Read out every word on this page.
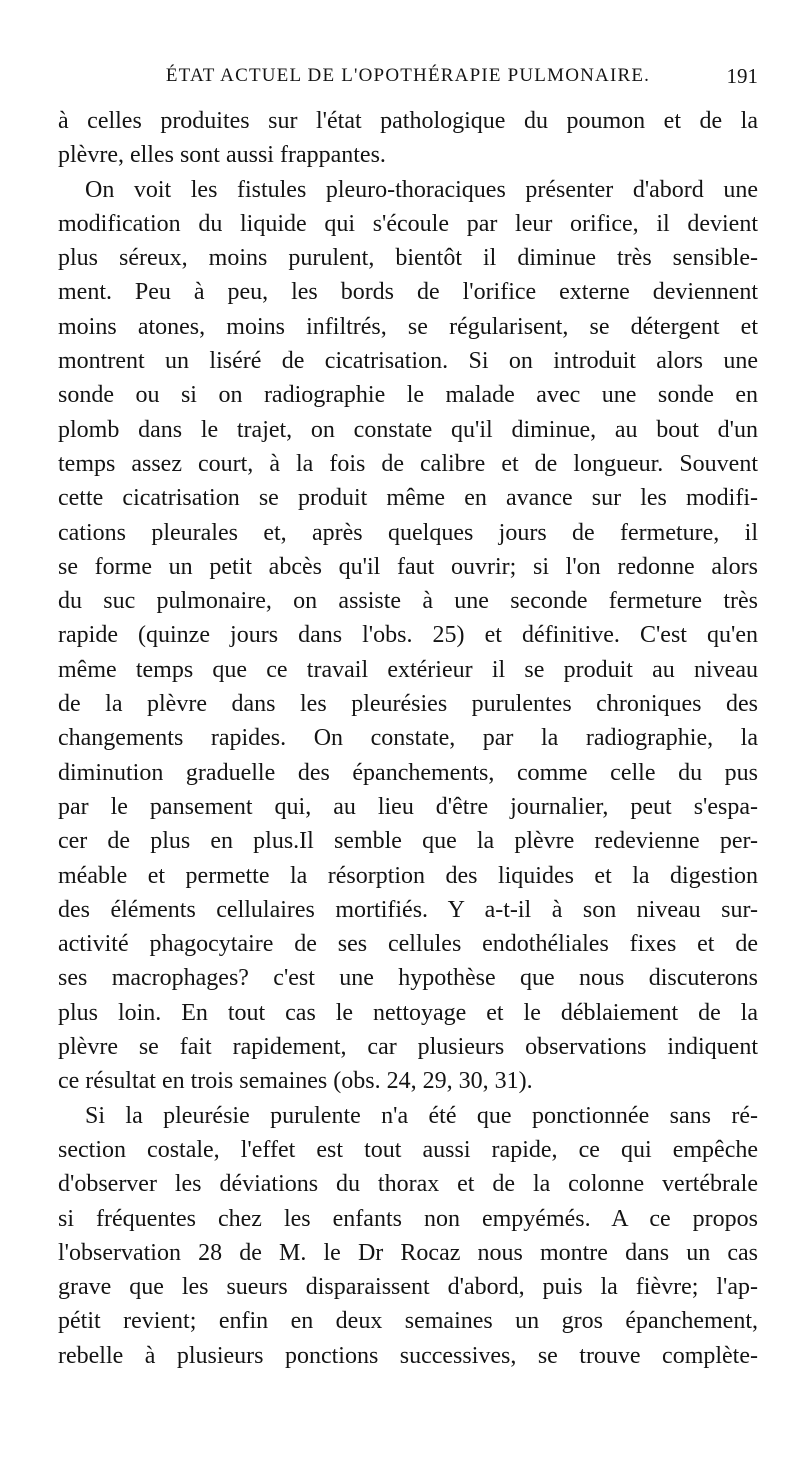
ÉTAT ACTUEL DE L'OPOTHÉRAPIE PULMONAIRE.	191
à celles produites sur l'état pathologique du poumon et de la
plèvre, elles sont aussi frappantes.
On voit les fistules pleuro-thoraciques présenter d'abord une
modification du liquide qui s'écoule par leur orifice, il devient
plus séreux, moins purulent, bientôt il diminue très sensible-
ment. Peu à peu, les bords de l'orifice externe deviennent
moins atones, moins infiltrés, se régularisent, se détergent et
montrent un liséré de cicatrisation. Si on introduit alors une
sonde ou si on radiographie le malade avec une sonde en
plomb dans le trajet, on constate qu'il diminue, au bout d'un
temps assez court, à la fois de calibre et de longueur. Souvent
cette cicatrisation se produit même en avance sur les modifi-
cations pleurales et, après quelques jours de fermeture, il
se forme un petit abcès qu'il faut ouvrir; si l'on redonne alors
du suc pulmonaire, on assiste à une seconde fermeture très
rapide (quinze jours dans l'obs. 25) et définitive. C'est qu'en
même temps que ce travail extérieur il se produit au niveau
de la plèvre dans les pleurésies purulentes chroniques des
changements rapides. On constate, par la radiographie, la
diminution graduelle des épanchements, comme celle du pus
par le pansement qui, au lieu d'être journalier, peut s'espa-
cer de plus en plus.Il semble que la plèvre redevienne per-
méable et permette la résorption des liquides et la digestion
des éléments cellulaires mortifiés. Y a-t-il à son niveau sur-
activité phagocytaire de ses cellules endothéliales fixes et de
ses macrophages? c'est une hypothèse que nous discuterons
plus loin. En tout cas le nettoyage et le déblaiement de la
plèvre se fait rapidement, car plusieurs observations indiquent
ce résultat en trois semaines (obs. 24, 29, 30, 31).
Si la pleurésie purulente n'a été que ponctionnée sans ré-
section costale, l'effet est tout aussi rapide, ce qui empêche
d'observer les déviations du thorax et de la colonne vertébrale
si fréquentes chez les enfants non empyémés. A ce propos
l'observation 28 de M. le Dr Rocaz nous montre dans un cas
grave que les sueurs disparaissent d'abord, puis la fièvre; l'ap-
pétit revient; enfin en deux semaines un gros épanchement,
rebelle à plusieurs ponctions successives, se trouve complète-
